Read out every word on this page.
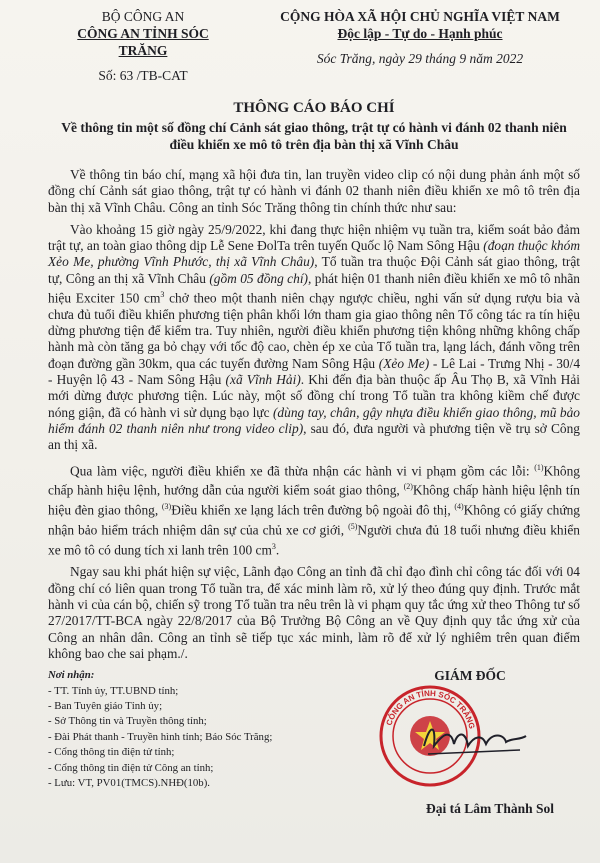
BỘ CÔNG AN
CÔNG AN TỈNH SÓC TRĂNG
Số: 63 /TB-CAT
CỘNG HÒA XÃ HỘI CHỦ NGHĨA VIỆT NAM
Độc lập - Tự do - Hạnh phúc
Sóc Trăng, ngày 29 tháng 9 năm 2022
THÔNG CÁO BÁO CHÍ
Về thông tin một số đồng chí Cảnh sát giao thông, trật tự có hành vi đánh 02 thanh niên điều khiển xe mô tô trên địa bàn thị xã Vĩnh Châu

Về thông tin báo chí, mạng xã hội đưa tin, lan truyền video clip có nội dung phản ánh một số đồng chí Cảnh sát giao thông, trật tự có hành vi đánh 02 thanh niên điều khiển xe mô tô trên địa bàn thị xã Vĩnh Châu. Công an tỉnh Sóc Trăng thông tin chính thức như sau:

Vào khoảng 15 giờ ngày 25/9/2022, khi đang thực hiện nhiệm vụ tuần tra, kiểm soát bảo đảm trật tự, an toàn giao thông dịp Lễ Sene ĐolTa trên tuyến Quốc lộ Nam Sông Hậu (đoạn thuộc khóm Xẻo Me, phường Vĩnh Phước, thị xã Vĩnh Châu), Tổ tuần tra thuộc Đội Cảnh sát giao thông, trật tự, Công an thị xã Vĩnh Châu (gồm 05 đồng chí), phát hiện 01 thanh niên điều khiển xe mô tô nhãn hiệu Exciter 150 $cm^3$ chở theo một thanh niên chạy ngược chiều, nghi vấn sử dụng rượu bia và chưa đủ tuổi điều khiển phương tiện phân khối lớn tham gia giao thông nên Tổ công tác ra tín hiệu dừng phương tiện để kiểm tra. Tuy nhiên, người điều khiển phương tiện không những không chấp hành mà còn tăng ga bỏ chạy với tốc độ cao, chèn ép xe của Tổ tuần tra, lạng lách, đánh võng trên đoạn đường gần 30km, qua các tuyến đường Nam Sông Hậu (Xẻo Me) - Lê Lai - Trưng Nhị - 30/4 - Huyện lộ 43 - Nam Sông Hậu (xã Vĩnh Hải). Khi đến địa bàn thuộc ấp Âu Thọ B, xã Vĩnh Hải mới dừng được phương tiện. Lúc này, một số đồng chí trong Tổ tuần tra không kiềm chế được nóng giận, đã có hành vi sử dụng bạo lực (dùng tay, chân, gậy nhựa điều khiển giao thông, mũ bảo hiểm đánh 02 thanh niên như trong video clip), sau đó, đưa người và phương tiện về trụ sở Công an thị xã.

Qua làm việc, người điều khiển xe đã thừa nhận các hành vi vi phạm gồm các lỗi: $^{(1)}$Không chấp hành hiệu lệnh, hướng dẫn của người kiểm soát giao thông, $^{(2)}$Không chấp hành hiệu lệnh tín hiệu đèn giao thông, $^{(3)}$Điều khiển xe lạng lách trên đường bộ ngoài đô thị, $^{(4)}$Không có giấy chứng nhận bảo hiểm trách nhiệm dân sự của chủ xe cơ giới, $^{(5)}$Người chưa đủ 18 tuổi nhưng điều khiển xe mô tô có dung tích xi lanh trên 100 $cm^3$.

Ngay sau khi phát hiện sự việc, Lãnh đạo Công an tỉnh đã chỉ đạo đình chỉ công tác đối với 04 đồng chí có liên quan trong Tổ tuần tra, để xác minh làm rõ, xử lý theo đúng quy định. Trước mắt hành vi của cán bộ, chiến sỹ trong Tổ tuần tra nêu trên là vi phạm quy tắc ứng xử theo Thông tư số 27/2017/TT-BCA ngày 22/8/2017 của Bộ Trưởng Bộ Công an về Quy định quy tắc ứng xử của Công an nhân dân. Công an tỉnh sẽ tiếp tục xác minh, làm rõ để xử lý nghiêm trên quan điểm không bao che sai phạm./.

Nơi nhận:
- TT. Tỉnh ủy, TT.UBND tỉnh;
- Ban Tuyên giáo Tỉnh ủy;
- Sở Thông tin và Truyền thông tỉnh;
- Đài Phát thanh - Truyền hình tỉnh; Báo Sóc Trăng;
- Cổng thông tin điện tử tỉnh;
- Cổng thông tin điện tử Công an tỉnh;
- Lưu: VT, PV01(TMCS).NHĐ(10b).
GIÁM ĐỐC
CÔNG AN TỈNH SÓC TRĂNG
Đại tá Lâm Thành Sol
